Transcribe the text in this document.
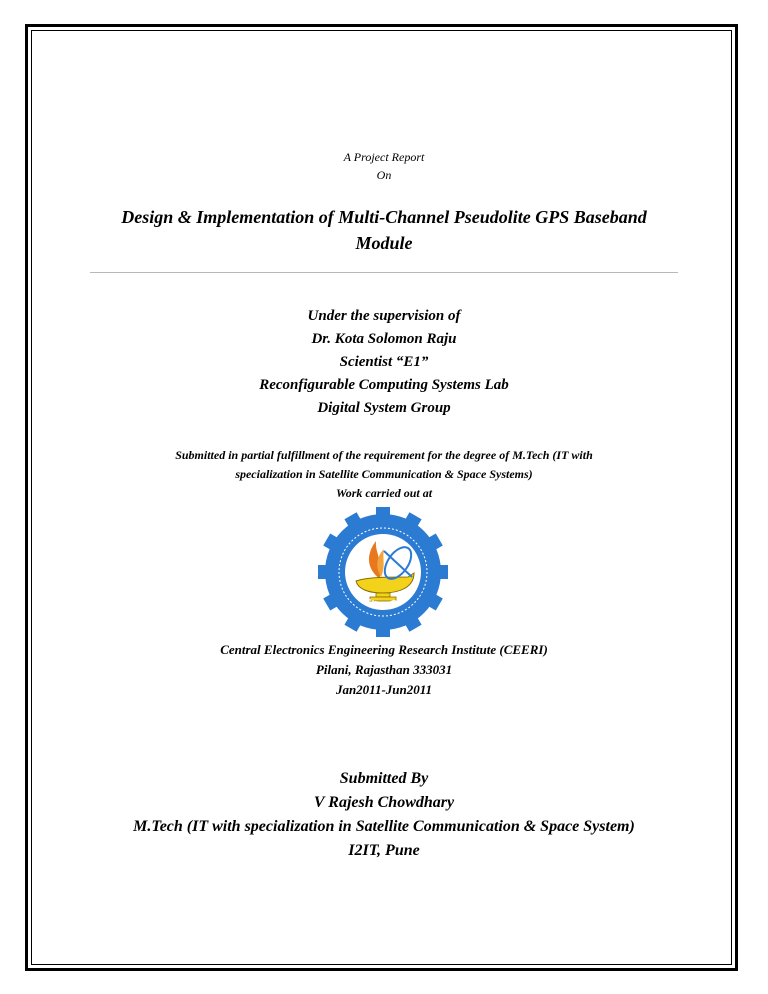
A Project Report
On
Design & Implementation of Multi-Channel Pseudolite GPS Baseband
Module
Under the supervision of
Dr. Kota Solomon Raju
Scientist “E1”
Reconfigurable Computing Systems Lab
Digital System Group
Submitted in partial fulfillment of the requirement for the degree of M.Tech (IT with
specialization in Satellite Communication & Space Systems)
Work carried out at
CSIR-INDIA
Central Electronics Engineering Research Institute (CEERI)
Pilani, Rajasthan 333031
Jan2011-Jun2011
Submitted By
V Rajesh Chowdhary
M.Tech (IT with specialization in Satellite Communication & Space System)
I2IT, Pune
